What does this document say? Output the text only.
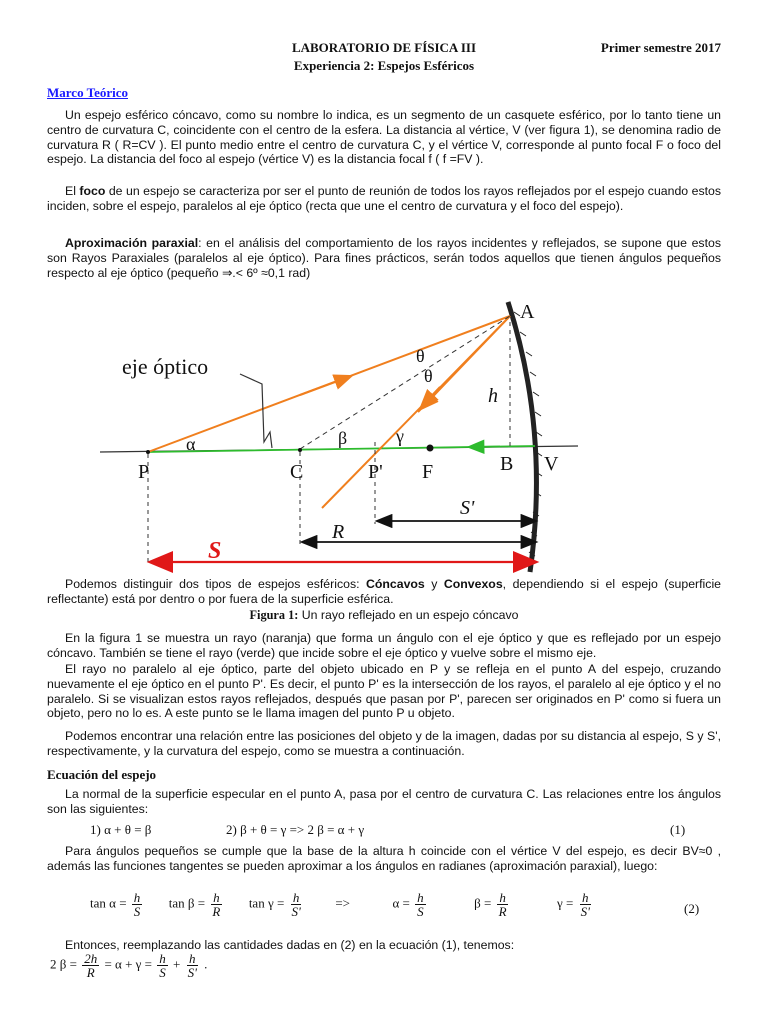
LABORATORIO DE FÍSICA III
Experiencia 2: Espejos Esféricos
Primer semestre 2017
Marco Teórico

Un espejo esférico cóncavo, como su nombre lo indica, es un segmento de un casquete esférico, por lo tanto tiene un centro de curvatura C, coincidente con el centro de la esfera. La distancia al vértice, V (ver figura 1), se denomina radio de curvatura R ( R=CV ). El punto medio entre el centro de curvatura C, y el vértice V, corresponde al punto focal F o foco del espejo. La distancia del foco al espejo (vértice V) es la distancia focal f ( f =FV ).

El foco de un espejo se caracteriza por ser el punto de reunión de todos los rayos reflejados por el espejo cuando estos inciden, sobre el espejo, paralelos al eje óptico (recta que une el centro de curvatura y el foco del espejo).

Aproximación paraxial: en el análisis del comportamiento de los rayos incidentes y reflejados, se supone que estos son Rayos Paraxiales (paralelos al eje óptico). Para fines prácticos, serán todos aquellos que tienen ángulos pequeños respecto al eje óptico (pequeño ⇒.< 6º ≈0,1 rad)

eje óptico
A
P	C	P' F	B V
α	β	γ
θ
θ
h
S'
R
S

Podemos distinguir dos tipos de espejos esféricos: Cóncavos y Convexos, dependiendo si el espejo (superficie reflectante) está por dentro o por fuera de la superficie esférica.

Figura 1: Un rayo reflejado en un espejo cóncavo

En la figura 1 se muestra un rayo (naranja) que forma un ángulo con el eje óptico y que es reflejado por un espejo cóncavo. También se tiene el rayo (verde) que incide sobre el eje óptico y vuelve sobre el mismo eje.

El rayo no paralelo al eje óptico, parte del objeto ubicado en P y se refleja en el punto A del espejo, cruzando nuevamente el eje óptico en el punto P'. Es decir, el punto P' es la intersección de los rayos, el paralelo al eje óptico y el no paralelo. Si se visualizan estos rayos reflejados, después que pasan por P', parecen ser originados en P' como si fuera un objeto, pero no lo es. A este punto se le llama imagen del punto P u objeto.

Podemos encontrar una relación entre las posiciones del objeto y de la imagen, dadas por su distancia al espejo, S y S', respectivamente, y la curvatura del espejo, como se muestra a continuación.

Ecuación del espejo

La normal de la superficie especular en el punto A, pasa por el centro de curvatura C. Las relaciones entre los ángulos son las siguientes:

1) α + θ = β	2) β + θ = γ => 2 β = α + γ	(1)

Para ángulos pequeños se cumple que la base de la altura h coincide con el vértice V del espejo, es decir BV≈0 , además las funciones tangentes se pueden aproximar a los ángulos en radianes (aproximación paraxial), luego:

$\tan \alpha = \frac{h}{S}$ $\tan \beta = \frac{h}{R}$ $\tan \gamma = \frac{h}{S'}$	=>	$\alpha = \frac{h}{S}$	$\beta = \frac{h}{R}$	$\gamma = \frac{h}{S'}$	(2)

Entonces, reemplazando las cantidades dadas en (2) en la ecuación (1), tenemos:

2 $\beta = \frac{2h}{R} = \alpha + \gamma = \frac{h}{S} + \frac{h}{S'}$ .
